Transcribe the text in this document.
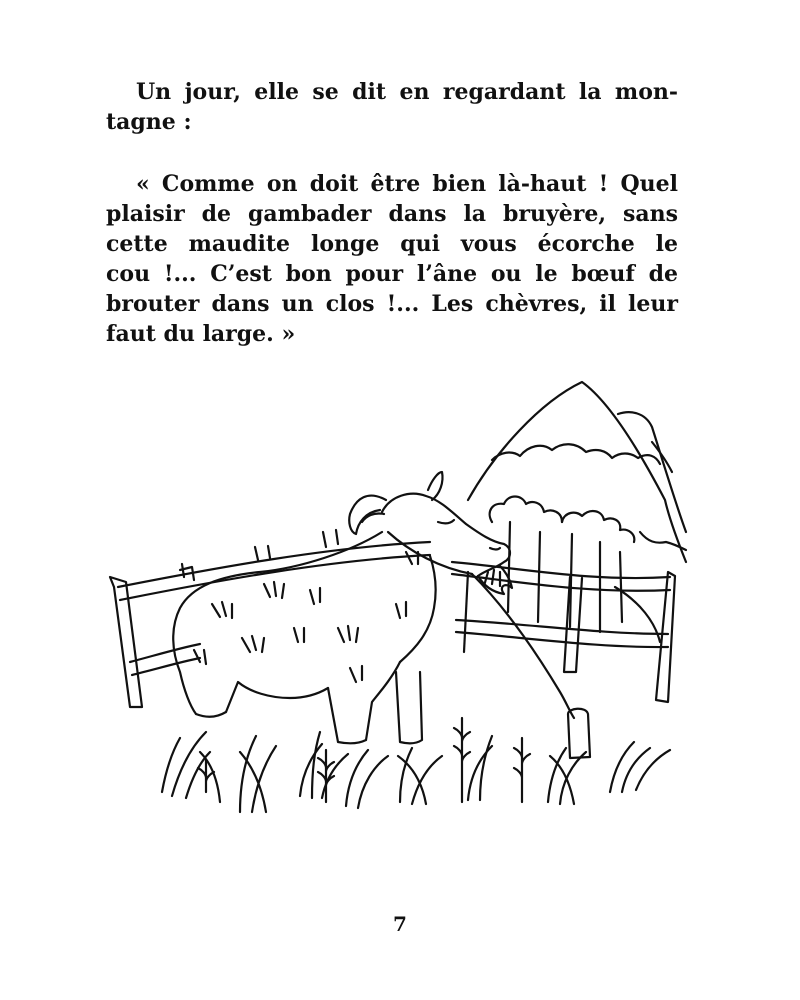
Un jour, elle se dit en regardant la mon-
tagne :
« Comme on doit être bien là-haut ! Quel
plaisir de gambader dans la bruyère, sans
cette maudite longe qui vous écorche le
cou !... C’est bon pour l’âne ou le bœuf de
brouter dans un clos !... Les chèvres, il leur
faut du large. »
7
